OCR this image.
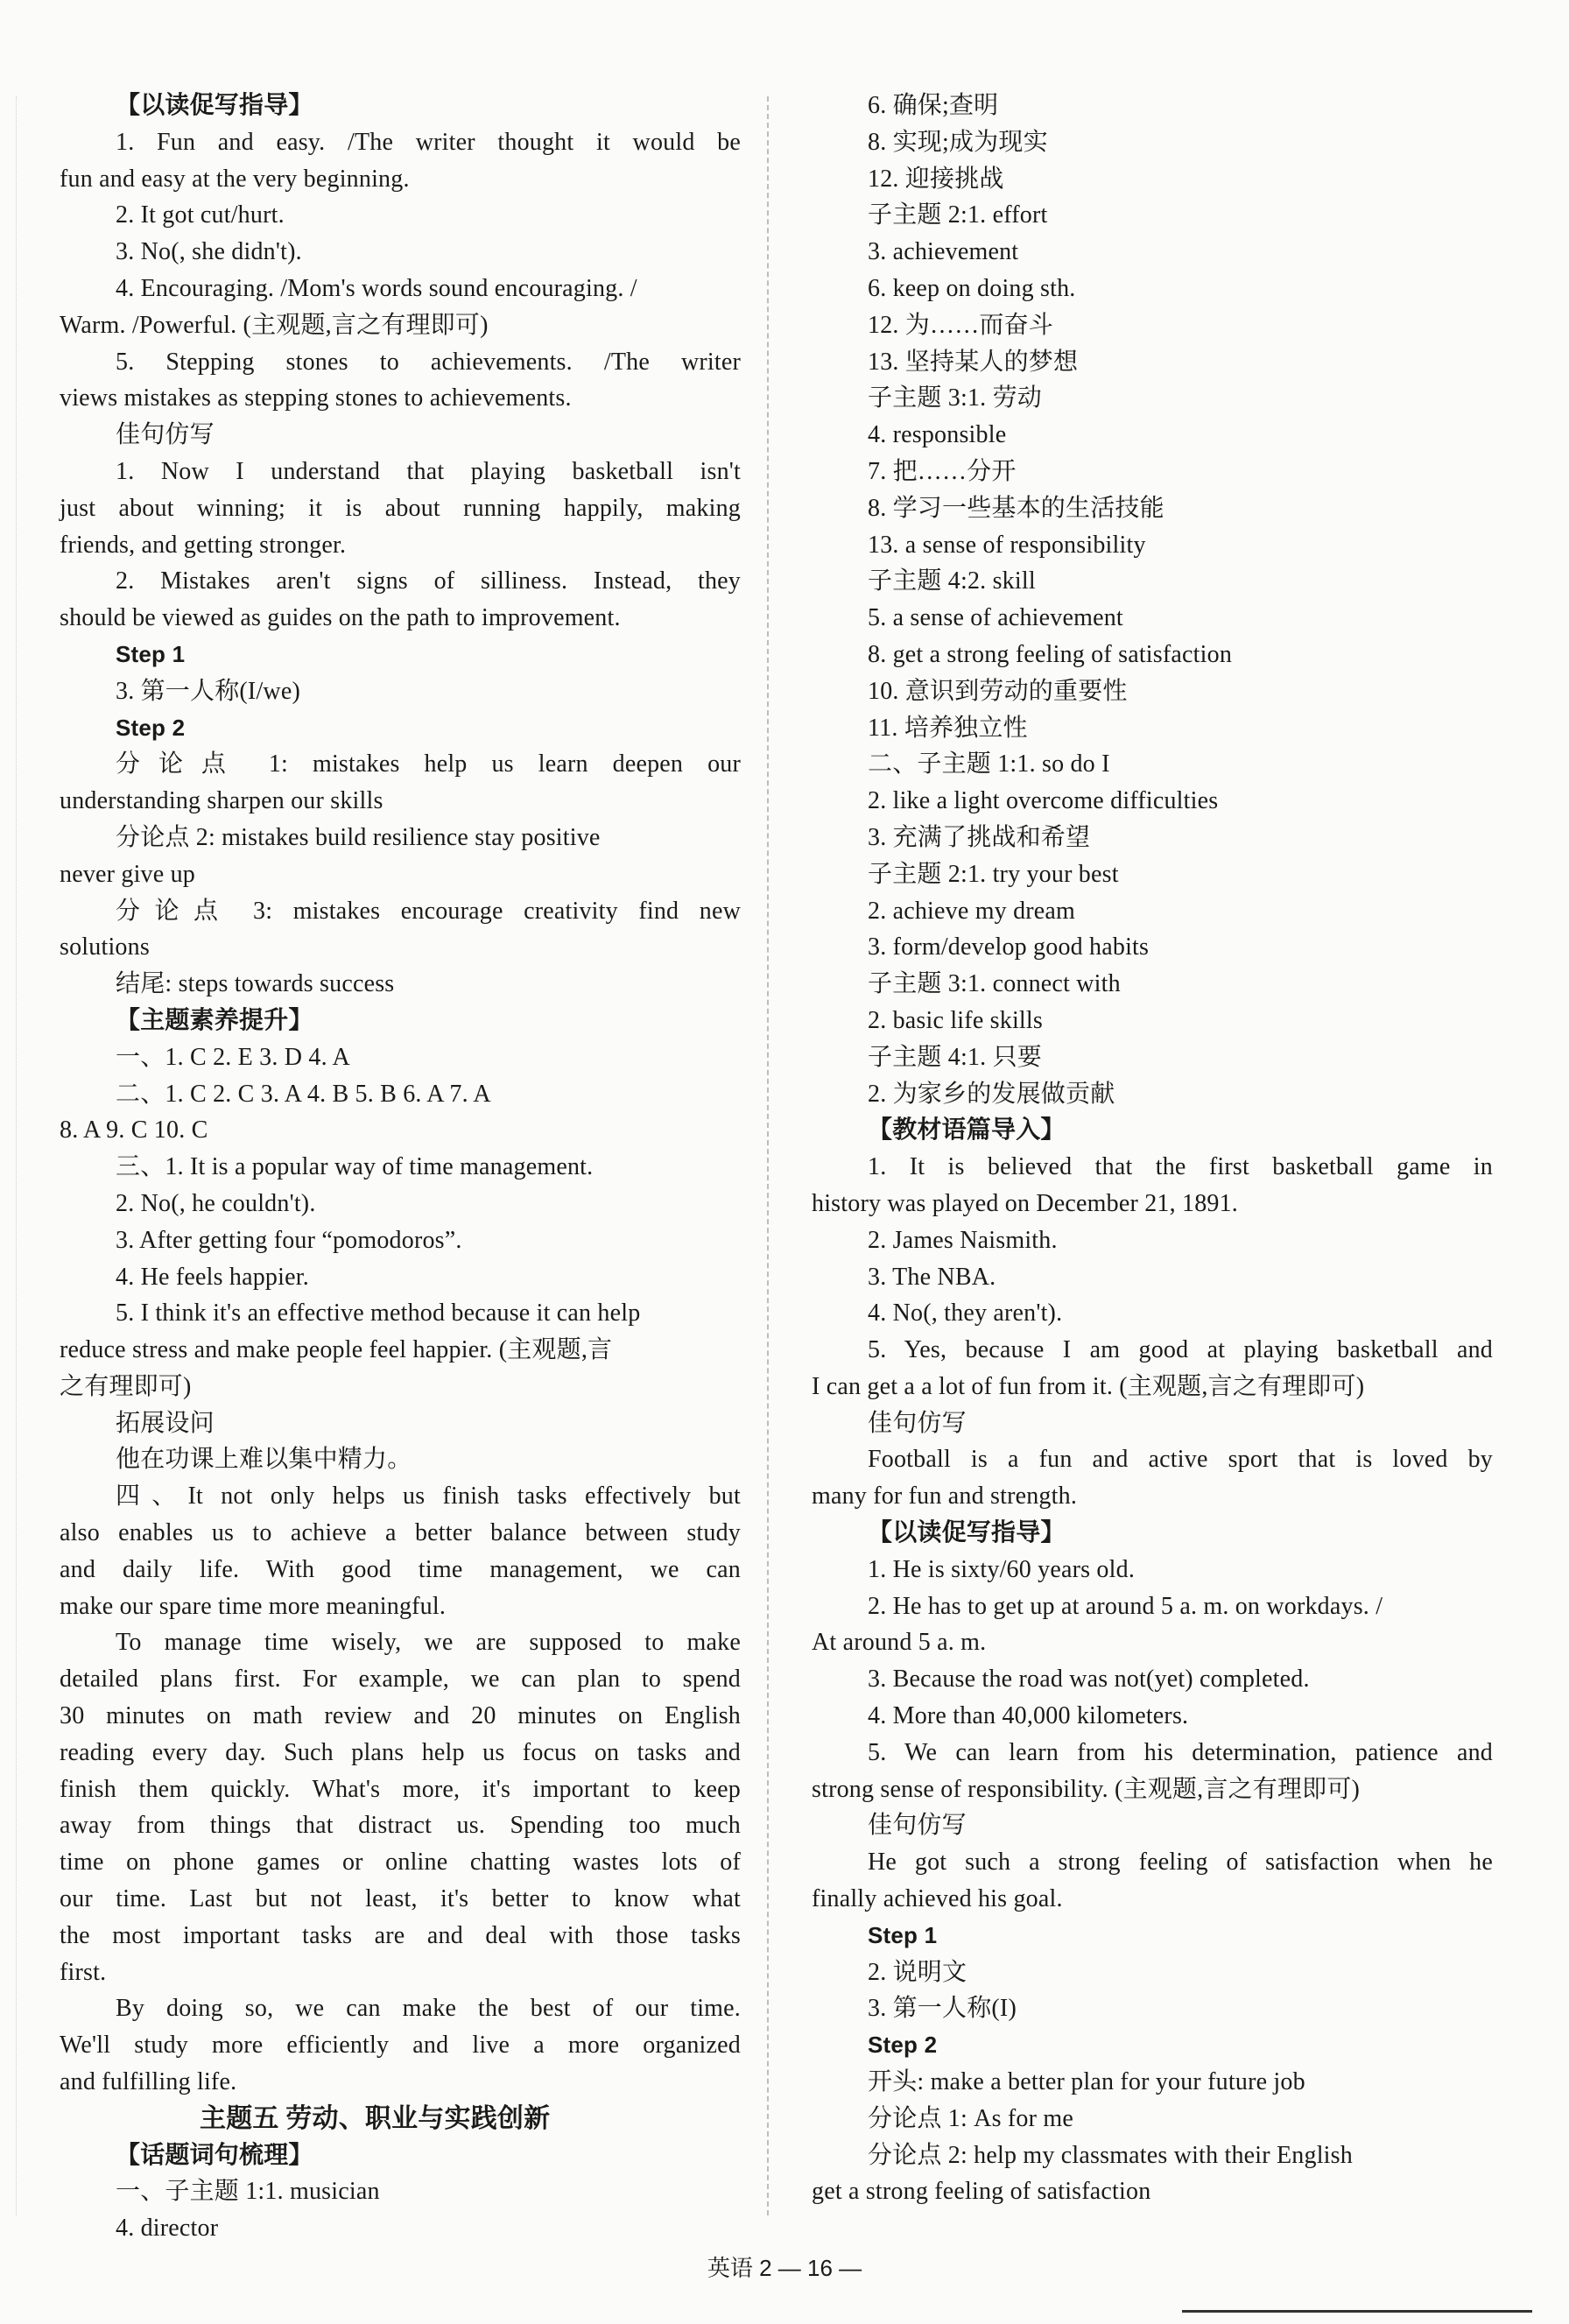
【以读促写指导】
1. Fun and easy. /The writer thought it would be
fun and easy at the very beginning.
2. It got cut/hurt.
3. No(, she didn't).
4. Encouraging. /Mom's words sound encouraging. /
Warm. /Powerful. (主观题,言之有理即可)
5. Stepping stones to achievements. /The writer
views mistakes as stepping stones to achievements.
佳句仿写
1. Now I understand that playing basketball isn't
just about winning; it is about running happily, making
friends, and getting stronger.
2. Mistakes aren't signs of silliness. Instead, they
should be viewed as guides on the path to improvement.
Step 1
3. 第一人称(I/we)
Step 2
分论点 1: mistakes help us learn deepen our
understanding sharpen our skills
分论点 2: mistakes build resilience stay positive
never give up
分论点 3: mistakes encourage creativity find new
solutions
结尾: steps towards success
【主题素养提升】
一、1. C 2. E 3. D 4. A
二、1. C 2. C 3. A 4. B 5. B 6. A 7. A
8. A 9. C 10. C
三、1. It is a popular way of time management.
2. No(, he couldn't).
3. After getting four “pomodoros”.
4. He feels happier.
5. I think it's an effective method because it can help
reduce stress and make people feel happier. (主观题,言
之有理即可)
拓展设问
他在功课上难以集中精力。
四、It not only helps us finish tasks effectively but
also enables us to achieve a better balance between study
and daily life. With good time management, we can
make our spare time more meaningful.
To manage time wisely, we are supposed to make
detailed plans first. For example, we can plan to spend
30 minutes on math review and 20 minutes on English
reading every day. Such plans help us focus on tasks and
finish them quickly. What's more, it's important to keep
away from things that distract us. Spending too much
time on phone games or online chatting wastes lots of
our time. Last but not least, it's better to know what
the most important tasks are and deal with those tasks
first.
By doing so, we can make the best of our time.
We'll study more efficiently and live a more organized
and fulfilling life.
主题五 劳动、职业与实践创新
【话题词句梳理】
一、子主题 1:1. musician
4. director
6. 确保;查明
8. 实现;成为现实
12. 迎接挑战
子主题 2:1. effort
3. achievement
6. keep on doing sth.
12. 为……而奋斗
13. 坚持某人的梦想
子主题 3:1. 劳动
4. responsible
7. 把……分开
8. 学习一些基本的生活技能
13. a sense of responsibility
子主题 4:2. skill
5. a sense of achievement
8. get a strong feeling of satisfaction
10. 意识到劳动的重要性
11. 培养独立性
二、子主题 1:1. so do I
2. like a light overcome difficulties
3. 充满了挑战和希望
子主题 2:1. try your best
2. achieve my dream
3. form/develop good habits
子主题 3:1. connect with
2. basic life skills
子主题 4:1. 只要
2. 为家乡的发展做贡献
【教材语篇导入】
1. It is believed that the first basketball game in
history was played on December 21, 1891.
2. James Naismith.
3. The NBA.
4. No(, they aren't).
5. Yes, because I am good at playing basketball and
I can get a a lot of fun from it. (主观题,言之有理即可)
佳句仿写
Football is a fun and active sport that is loved by
many for fun and strength.
【以读促写指导】
1. He is sixty/60 years old.
2. He has to get up at around 5 a. m. on workdays. /
At around 5 a. m.
3. Because the road was not(yet) completed.
4. More than 40,000 kilometers.
5. We can learn from his determination, patience and
strong sense of responsibility. (主观题,言之有理即可)
佳句仿写
He got such a strong feeling of satisfaction when he
finally achieved his goal.
Step 1
2. 说明文
3. 第一人称(I)
Step 2
开头: make a better plan for your future job
分论点 1: As for me
分论点 2: help my classmates with their English
get a strong feeling of satisfaction
英语 2 — 16 —
